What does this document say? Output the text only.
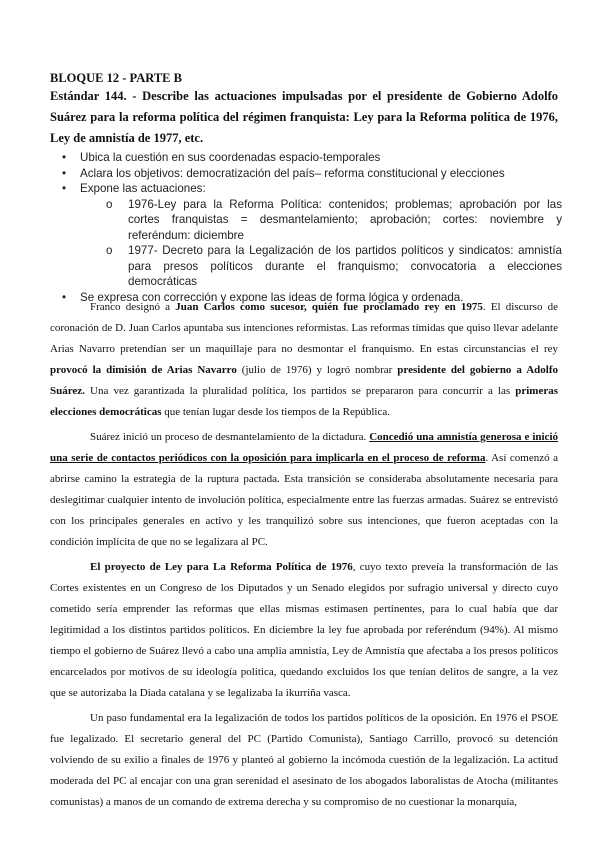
BLOQUE 12 - PARTE B
Estándar 144. - Describe las actuaciones impulsadas por el presidente de Gobierno Adolfo Suárez para la reforma política del régimen franquista: Ley para la Reforma política de 1976, Ley de amnistía de 1977, etc.
• Ubica la cuestión en sus coordenadas espacio-temporales
• Aclara los objetivos: democratización del país– reforma constitucional y elecciones
• Expone las actuaciones:
o 1976-Ley para la Reforma Política: contenidos; problemas; aprobación por las cortes franquistas = desmantelamiento; aprobación; cortes: noviembre y referéndum: diciembre
o 1977- Decreto para la Legalización de los partidos políticos y sindicatos: amnistía para presos políticos durante el franquismo; convocatoria a elecciones democráticas
• Se expresa con corrección y expone las ideas de forma lógica y ordenada.

Franco designó a Juan Carlos como sucesor, quién fue proclamado rey en 1975. El discurso de coronación de D. Juan Carlos apuntaba sus intenciones reformistas. Las reformas tímidas que quiso llevar adelante Arias Navarro pretendían ser un maquillaje para no desmontar el franquismo. En estas circunstancias el rey provocó la dimisión de Arias Navarro (julio de 1976) y logró nombrar presidente del gobierno a Adolfo Suárez. Una vez garantizada la pluralidad política, los partidos se prepararon para concurrir a las primeras elecciones democráticas que tenían lugar desde los tiempos de la República.

Suárez inició un proceso de desmantelamiento de la dictadura. Concedió una amnistía generosa e inició una serie de contactos periódicos con la oposición para implicarla en el proceso de reforma. Así comenzó a abrirse camino la estrategia de la ruptura pactada. Esta transición se consideraba absolutamente necesaria para deslegitimar cualquier intento de involución política, especialmente entre las fuerzas armadas. Suárez se entrevistó con los principales generales en activo y les tranquilizó sobre sus intenciones, que fueron aceptadas con la condición implícita de que no se legalizara al PC.

El proyecto de Ley para La Reforma Política de 1976, cuyo texto preveía la transformación de las Cortes existentes en un Congreso de los Diputados y un Senado elegidos por sufragio universal y directo cuyo cometido sería emprender las reformas que ellas mismas estimasen pertinentes, para lo cual había que dar legitimidad a los distintos partidos políticos. En diciembre la ley fue aprobada por referéndum (94%). Al mismo tiempo el gobierno de Suárez llevó a cabo una amplia amnistía, Ley de Amnistía que afectaba a los presos políticos encarcelados por motivos de su ideología política, quedando excluidos los que tenían delitos de sangre, a la vez que se autorizaba la Diada catalana y se legalizaba la ikurriña vasca.

Un paso fundamental era la legalización de todos los partidos políticos de la oposición. En 1976 el PSOE fue legalizado. El secretario general del PC (Partido Comunista), Santiago Carrillo, provocó su detención volviendo de su exilio a finales de 1976 y planteó al gobierno la incómoda cuestión de la legalización. La actitud moderada del PC al encajar con una gran serenidad el asesinato de los abogados laboralistas de Atocha (militantes comunistas) a manos de un comando de extrema derecha y su compromiso de no cuestionar la monarquía,
